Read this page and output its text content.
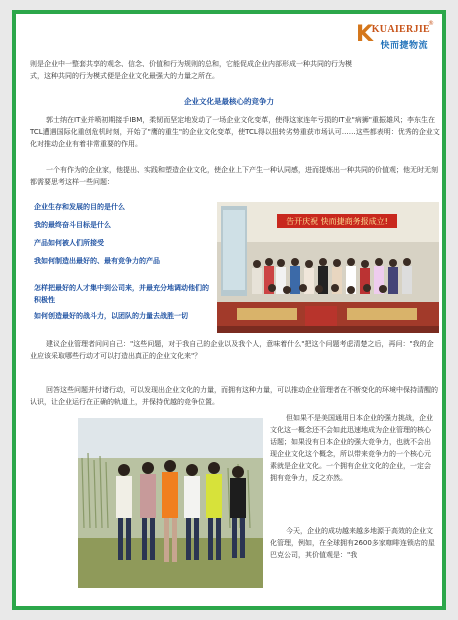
K
KUAIERJIE
®
快而捷物流

则是企业中一整套共享的观念、信念、价值和行为规则的总和，它能促成企业内部形成一种共同的行为模式，这种共同的行为模式便是企业文化最强大的力量之所在。

企业文化是最核心的竞争力

郭士纳在IT业并喷初期接手IBM，柔韧而坚定地发动了一场企业文化变革，使得这家连年亏损的IT业"病狮"重振雄风；李东生在TCL遭遇国际化重创危机时刻，开始了"鹰的重生"的企业文化变革，使TCL得以扭转劣势重获市场认可……这些都表明：优秀的企业文化对推动企业有着非常重要的作用。

一个有作为的企业家，他提出、实践和塑造企业文化，使企业上下产生一种认同感，进而提炼出一种共同的价值观；他无时无刻都需要思考这样一些问题：

企业生存和发展的目的是什么
我的最终奋斗目标是什么
产品如何被人们所接受
我如何制造出最好的、最有竞争力的产品
怎样把最好的人才集中到公司来，并最充分地调动他们的积极性
如何创造最好的战斗力，以团队的力量去战胜一切
告开庆祝 快而捷商务报成立!

建议企业管理者问问自己："这些问题，对于我自己的企业以及我个人，意味着什么"把这个问题考虑清楚之后，再问："我的企业应该采取哪些行动才可以打造出真正的企业文化来"？

回答这些问题并付诸行动，可以发现出企业文化的力量，而拥有这种力量，可以推动企业管理者在不断变化的环境中保持清醒的认识，让企业运行在正确的轨道上，并保持优越的竞争位置。

但如果不是美国通用日本企业的强力挑战，企业文化这一概念还不会如此迅速地成为企业管理的核心话题；如果没有日本企业的强大竞争力，也就不会出现企业文化这个概念，所以带来竞争力的一个核心元素就是企业文化。一个拥有企业文化的企业，一定会拥有竞争力，反之亦然。

今天，企业的成功越来越多地源于高效的企业文化管理，例如，在全球拥有2600多家咖啡连锁店的星巴克公司，其价值观是："我
